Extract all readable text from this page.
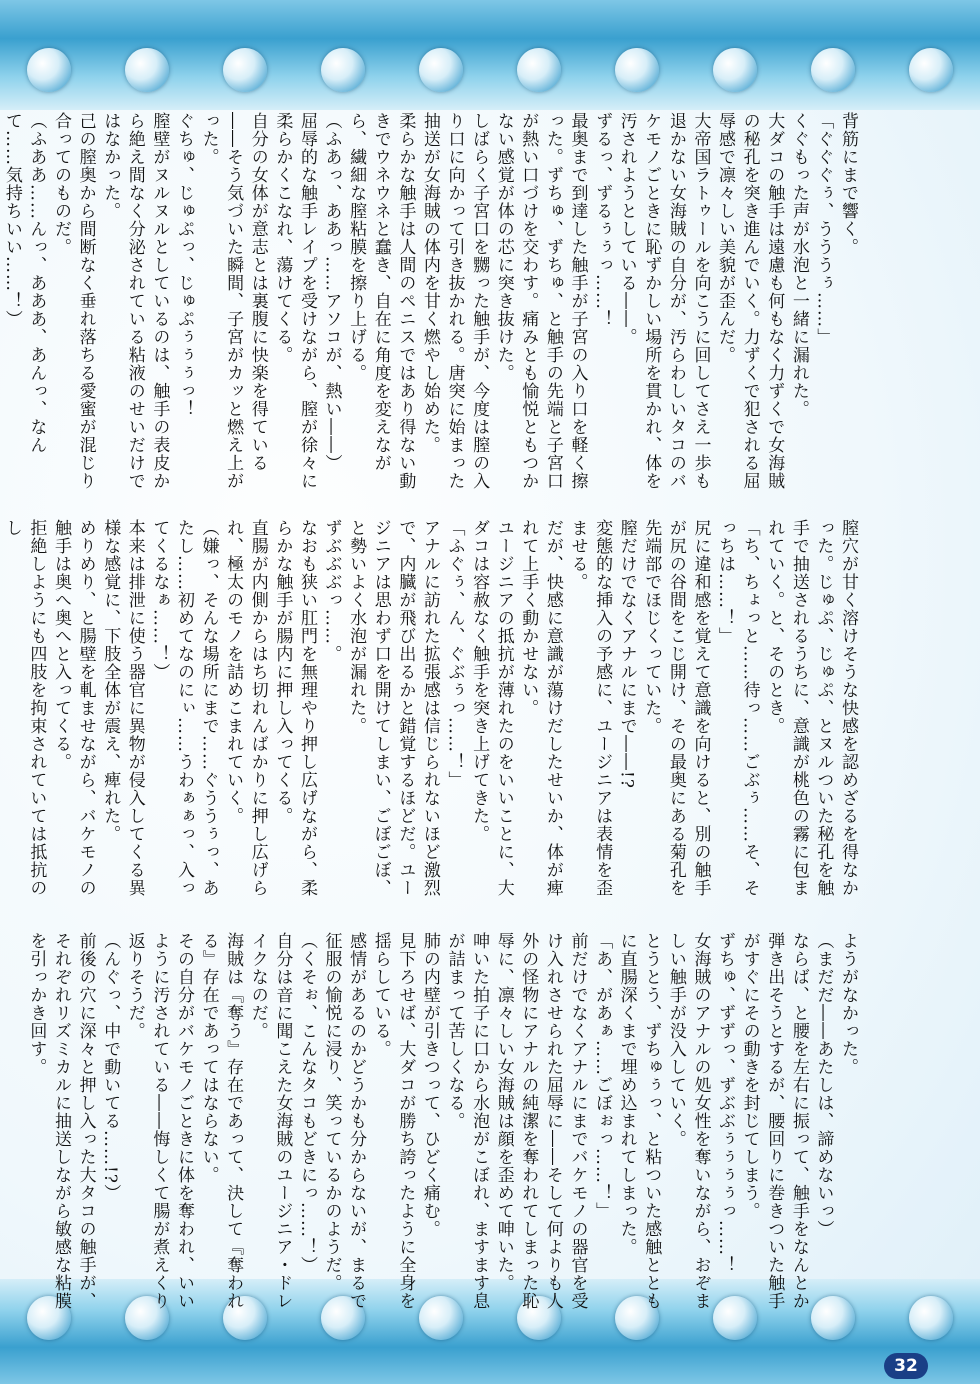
背筋にまで響く。
「ぐぐぐぅ、うううぅ……」
くぐもった声が水泡と一緒に漏れた。
大ダコの触手は遠慮も何もなく力ずくで女海賊の秘孔を突き進んでいく。力ずくで犯される屈辱感で凛々しい美貌が歪んだ。
大帝国ラトゥールを向こうに回してさえ一歩も退かない女海賊の自分が、汚らわしいタコのバケモノごときに恥ずかしい場所を貫かれ、体を汚されようとしている――。
ずるっ、ずるぅぅっ……！
最奥まで到達した触手が子宮の入り口を軽く擦った。ずちゅ、ずちゅ、と触手の先端と子宮口が熱い口づけを交わす。痛みとも愉悦ともつかない感覚が体の芯に突き抜けた。
しばらく子宮口を嬲った触手が、今度は膣の入り口に向かって引き抜かれる。唐突に始まった抽送が女海賊の体内を甘く燃やし始めた。
柔らかな触手は人間のペニスではあり得ない動きでウネウネと蠢き、自在に角度を変えながら、繊細な膣粘膜を擦り上げる。
（ふあっ、ああっ……アソコが、熱い――）
屈辱的な触手レイプを受けながら、膣が徐々に柔らかくこなれ、蕩けてくる。
自分の女体が意志とは裏腹に快楽を得ている――そう気づいた瞬間、子宮がカッと燃え上がった。
ぐちゅ、じゅぷっ、じゅぷぅぅぅっ！
膣壁がヌルヌルとしているのは、触手の表皮から絶え間なく分泌されている粘液のせいだけではなかった。
己の膣奥から間断なく垂れ落ちる愛蜜が混じり合ってのものだ。
（ふああ……んっ、あああ、あんっ、なんて……気持ちいい……！）

膣穴が甘く溶けそうな快感を認めざるを得なかった。じゅぷ、じゅぷ、とヌルついた秘孔を触手で抽送されるうちに、意識が桃色の霧に包まれていく。と、そのとき。
「ち、ちょっと……待っ……ごぶぅ……そ、そっちは……！」
尻に違和感を覚えて意識を向けると、別の触手が尻の谷間をこじ開け、その最奥にある菊孔を先端部でほじくっていた。
膣だけでなくアナルにまで――!?
変態的な挿入の予感に、ユージニアは表情を歪ませる。
だが、快感に意識が蕩けだしたせいか、体が痺れて上手く動かせない。
ユージニアの抵抗が薄れたのをいいことに、大ダコは容赦なく触手を突き上げてきた。
「ふぐぅ、ん、ぐぶぅっ……！」
アナルに訪れた拡張感は信じられないほど激烈で、内臓が飛び出るかと錯覚するほどだ。ユージニアは思わず口を開けてしまい、ごぼごぼ、と勢いよく水泡が漏れた。
ずぶぶぶっ……。
なおも狭い肛門を無理やり押し広げながら、柔らかな触手が腸内に押し入ってくる。
直腸が内側からはち切れんばかりに押し広げられ、極太のモノを詰めこまれていく。
（嫌っ、そんな場所にまで……ぐううぅっ、あたし……初めてなのにぃ……うわぁぁっ、入ってくるなぁ……！）
本来は排泄に使う器官に異物が侵入してくる異様な感覚に、下肢全体が震え、痺れた。
めりめり、と腸壁を軋ませながら、バケモノの触手は奥へ奥へと入ってくる。
拒絶しようにも四肢を拘束されていては抵抗のし

ようがなかった。
（まだだ――あたしは、諦めないっ）
ならば、と腰を左右に振って、触手をなんとか弾き出そうとするが、腰回りに巻きついた触手がすぐにその動きを封じてしまう。
ずちゅ、ずずっ、ずぶぶぅぅぅぅっ……！
女海賊のアナルの処女性を奪いながら、おぞましい触手が没入していく。
とうとう、ずちゅぅっ、と粘ついた感触とともに直腸深くまで埋め込まれてしまった。
「あ、があぁ……ごぼぉっ……！」
前だけでなくアナルにまでバケモノの器官を受け入れさせられた屈辱に――そして何よりも人外の怪物にアナルの純潔を奪われてしまった恥辱に、凛々しい女海賊は顔を歪めて呻いた。
呻いた拍子に口から水泡がこぼれ、ますます息が詰まって苦しくなる。
肺の内壁が引きつって、ひどく痛む。
見下ろせば、大ダコが勝ち誇ったように全身を揺らしている。
感情があるのかどうかも分からないが、まるで征服の愉悦に浸り、笑っているかのようだ。
（くそぉ、こんなタコもどきにっ……！）
自分は音に聞こえた女海賊のユージニア・ドレイクなのだ。
海賊は『奪う』存在であって、決して『奪われる』存在であってはならない。
その自分がバケモノごときに体を奪われ、いいように汚されている――悔しくて腸が煮えくり返りそうだ。
（んぐっ、中で動いてる……!?）
前後の穴に深々と押し入った大タコの触手が、それぞれリズミカルに抽送しながら敏感な粘膜を引っかき回す。

32
